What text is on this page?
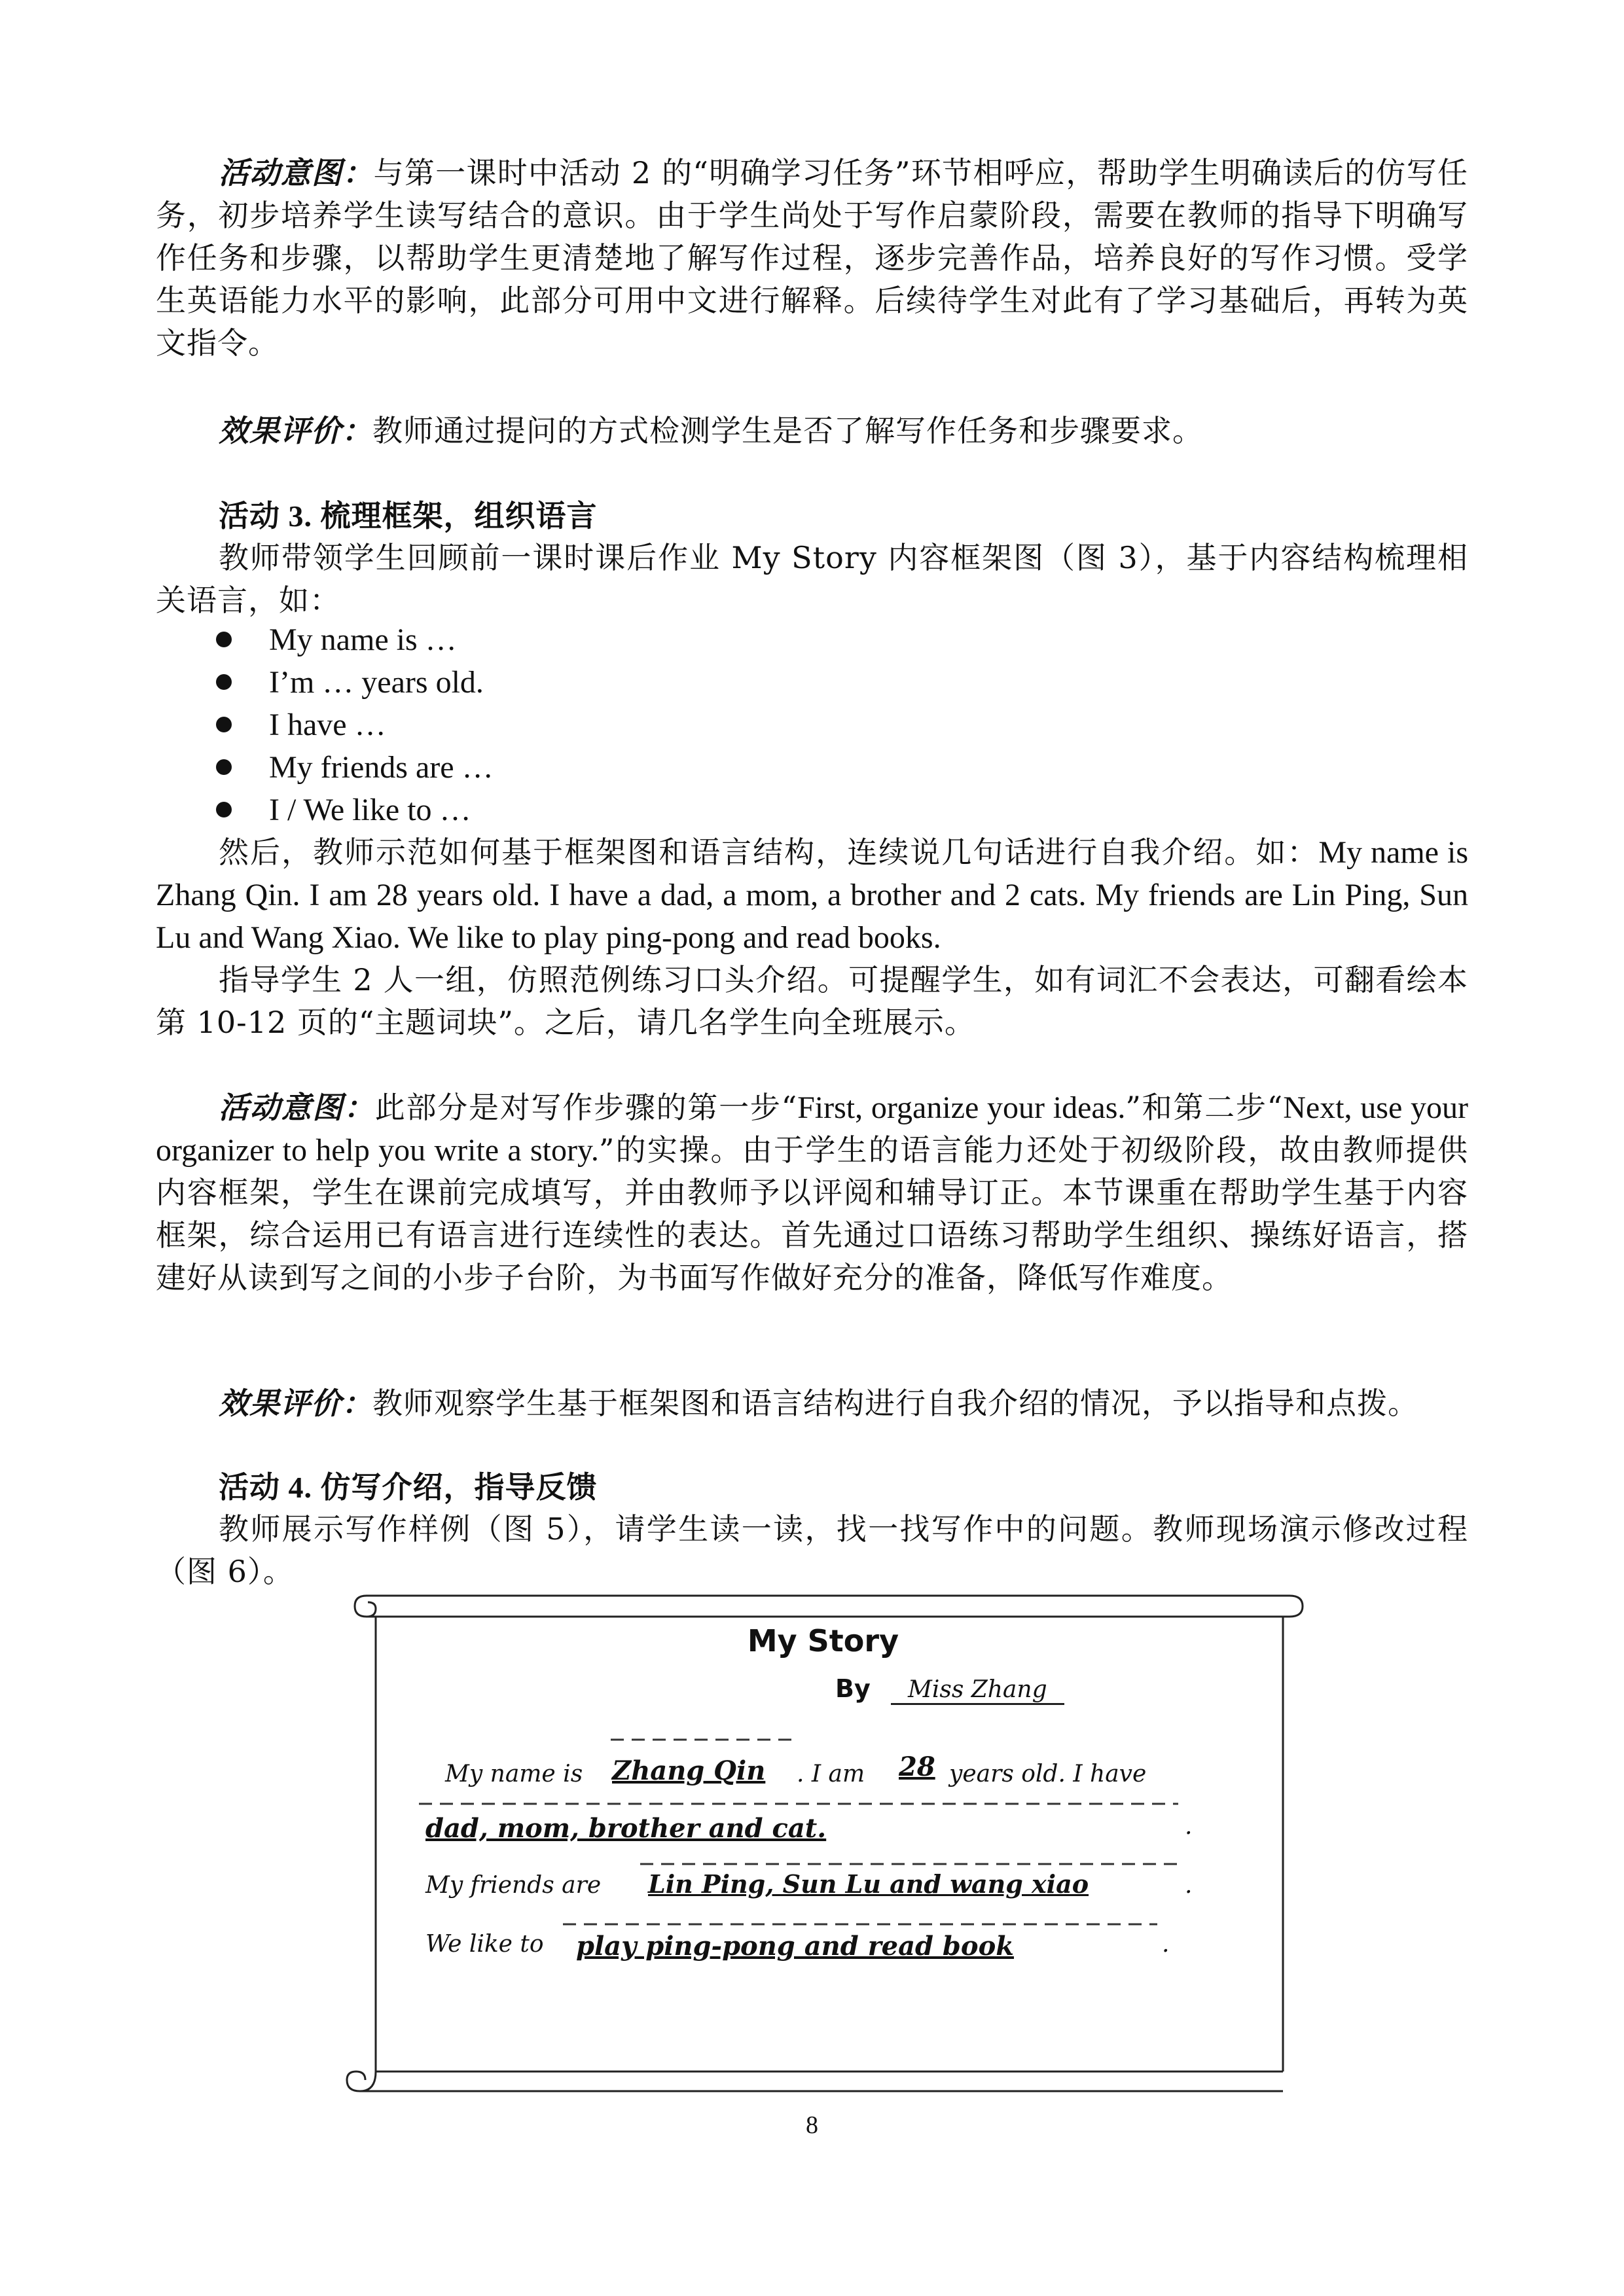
活动意图：与第一课时中活动 2 的“明确学习任务”环节相呼应，帮助学生明确读后的仿写任务，初步培养学生读写结合的意识。由于学生尚处于写作启蒙阶段，需要在教师的指导下明确写作任务和步骤，以帮助学生更清楚地了解写作过程，逐步完善作品，培养良好的写作习惯。受学生英语能力水平的影响，此部分可用中文进行解释。后续待学生对此有了学习基础后，再转为英文指令。

效果评价：教师通过提问的方式检测学生是否了解写作任务和步骤要求。

活动 3. 梳理框架，组织语言

教师带领学生回顾前一课时课后作业 My Story 内容框架图（图 3），基于内容结构梳理相关语言，如：

My name is …
I’m … years old.
I have …
My friends are …
I / We like to …

然后，教师示范如何基于框架图和语言结构，连续说几句话进行自我介绍。如：My name is Zhang Qin. I am 28 years old. I have a dad, a mom, a brother and 2 cats. My friends are Lin Ping, Sun Lu and Wang Xiao. We like to play ping-pong and read books.

指导学生 2 人一组，仿照范例练习口头介绍。可提醒学生，如有词汇不会表达，可翻看绘本第 10-12 页的“主题词块”。之后，请几名学生向全班展示。

活动意图：此部分是对写作步骤的第一步“First, organize your ideas.”和第二步“Next, use your organizer to help you write a story.”的实操。由于学生的语言能力还处于初级阶段，故由教师提供内容框架，学生在课前完成填写，并由教师予以评阅和辅导订正。本节课重在帮助学生基于内容框架，综合运用已有语言进行连续性的表达。首先通过口语练习帮助学生组织、操练好语言，搭建好从读到写之间的小步子台阶，为书面写作做好充分的准备，降低写作难度。

效果评价：教师观察学生基于框架图和语言结构进行自我介绍的情况，予以指导和点拨。

活动 4. 仿写介绍，指导反馈

教师展示写作样例（图 5），请学生读一读，找一找写作中的问题。教师现场演示修改过程（图 6）。

My Story
By Miss Zhang
My name is Zhang Qin . I am 28 years old. I have
dad, mom, brother and cat.	.
My friends are Lin Ping, Sun Lu and wang xiao	.
We like to play ping-pong and read book	.
8
